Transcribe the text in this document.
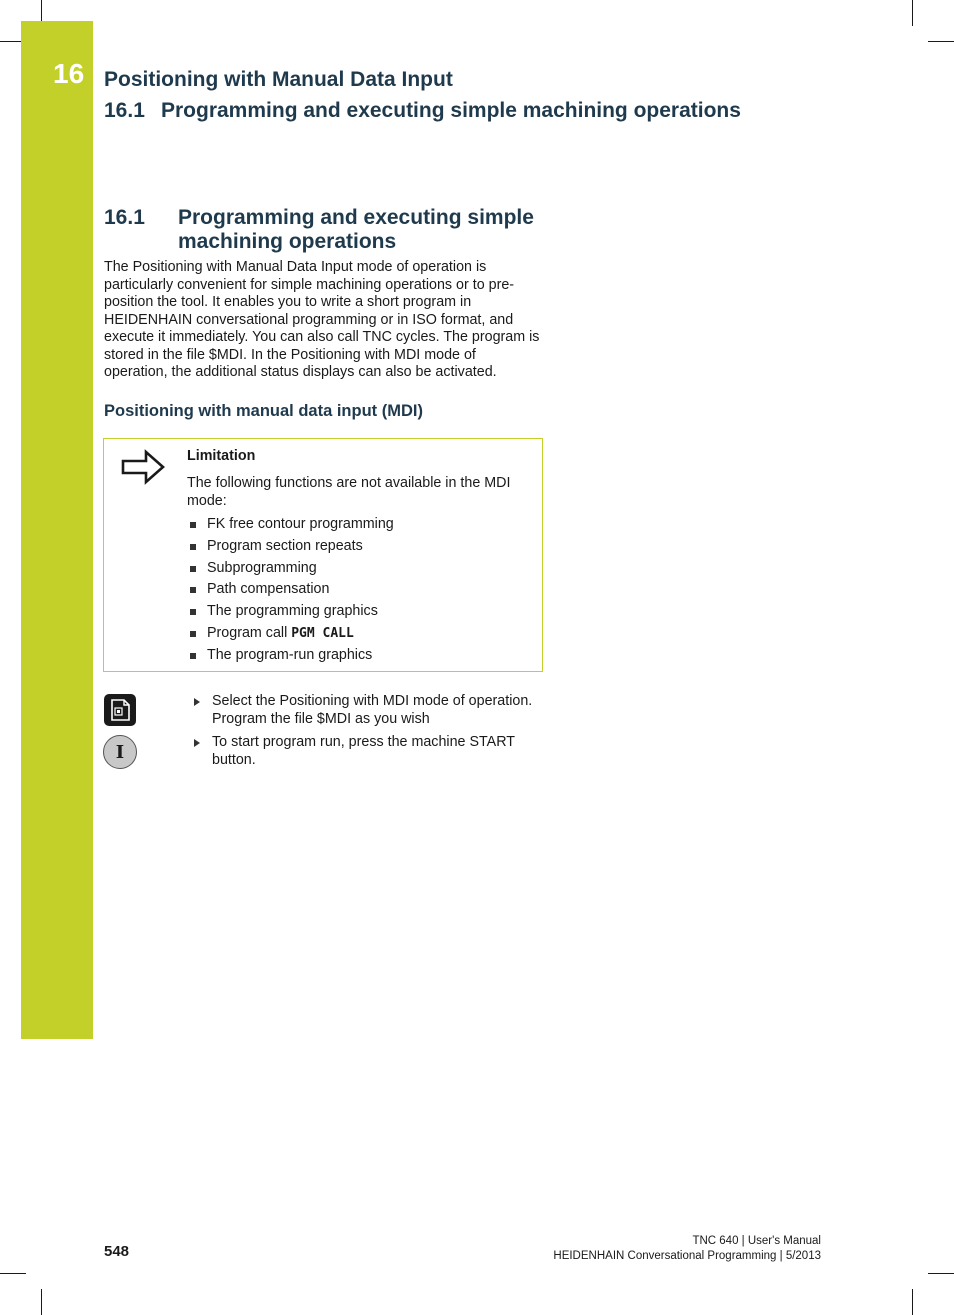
16 Positioning with Manual Data Input
16.1 Programming and executing simple machining operations
16.1 Programming and executing simple machining operations

The Positioning with Manual Data Input mode of operation is particularly convenient for simple machining operations or to pre-position the tool. It enables you to write a short program in HEIDENHAIN conversational programming or in ISO format, and execute it immediately. You can also call TNC cycles. The program is stored in the file $MDI. In the Positioning with MDI mode of operation, the additional status displays can also be activated.

Positioning with manual data input (MDI)
Limitation
The following functions are not available in the MDI mode:
FK free contour programming
Program section repeats
Subprogramming
Path compensation
The programming graphics
Program call PGM CALL
The program-run graphics
I
Select the Positioning with MDI mode of operation. Program the file $MDI as you wish
To start program run, press the machine START button.
548
TNC 640 | User's Manual
HEIDENHAIN Conversational Programming | 5/2013
